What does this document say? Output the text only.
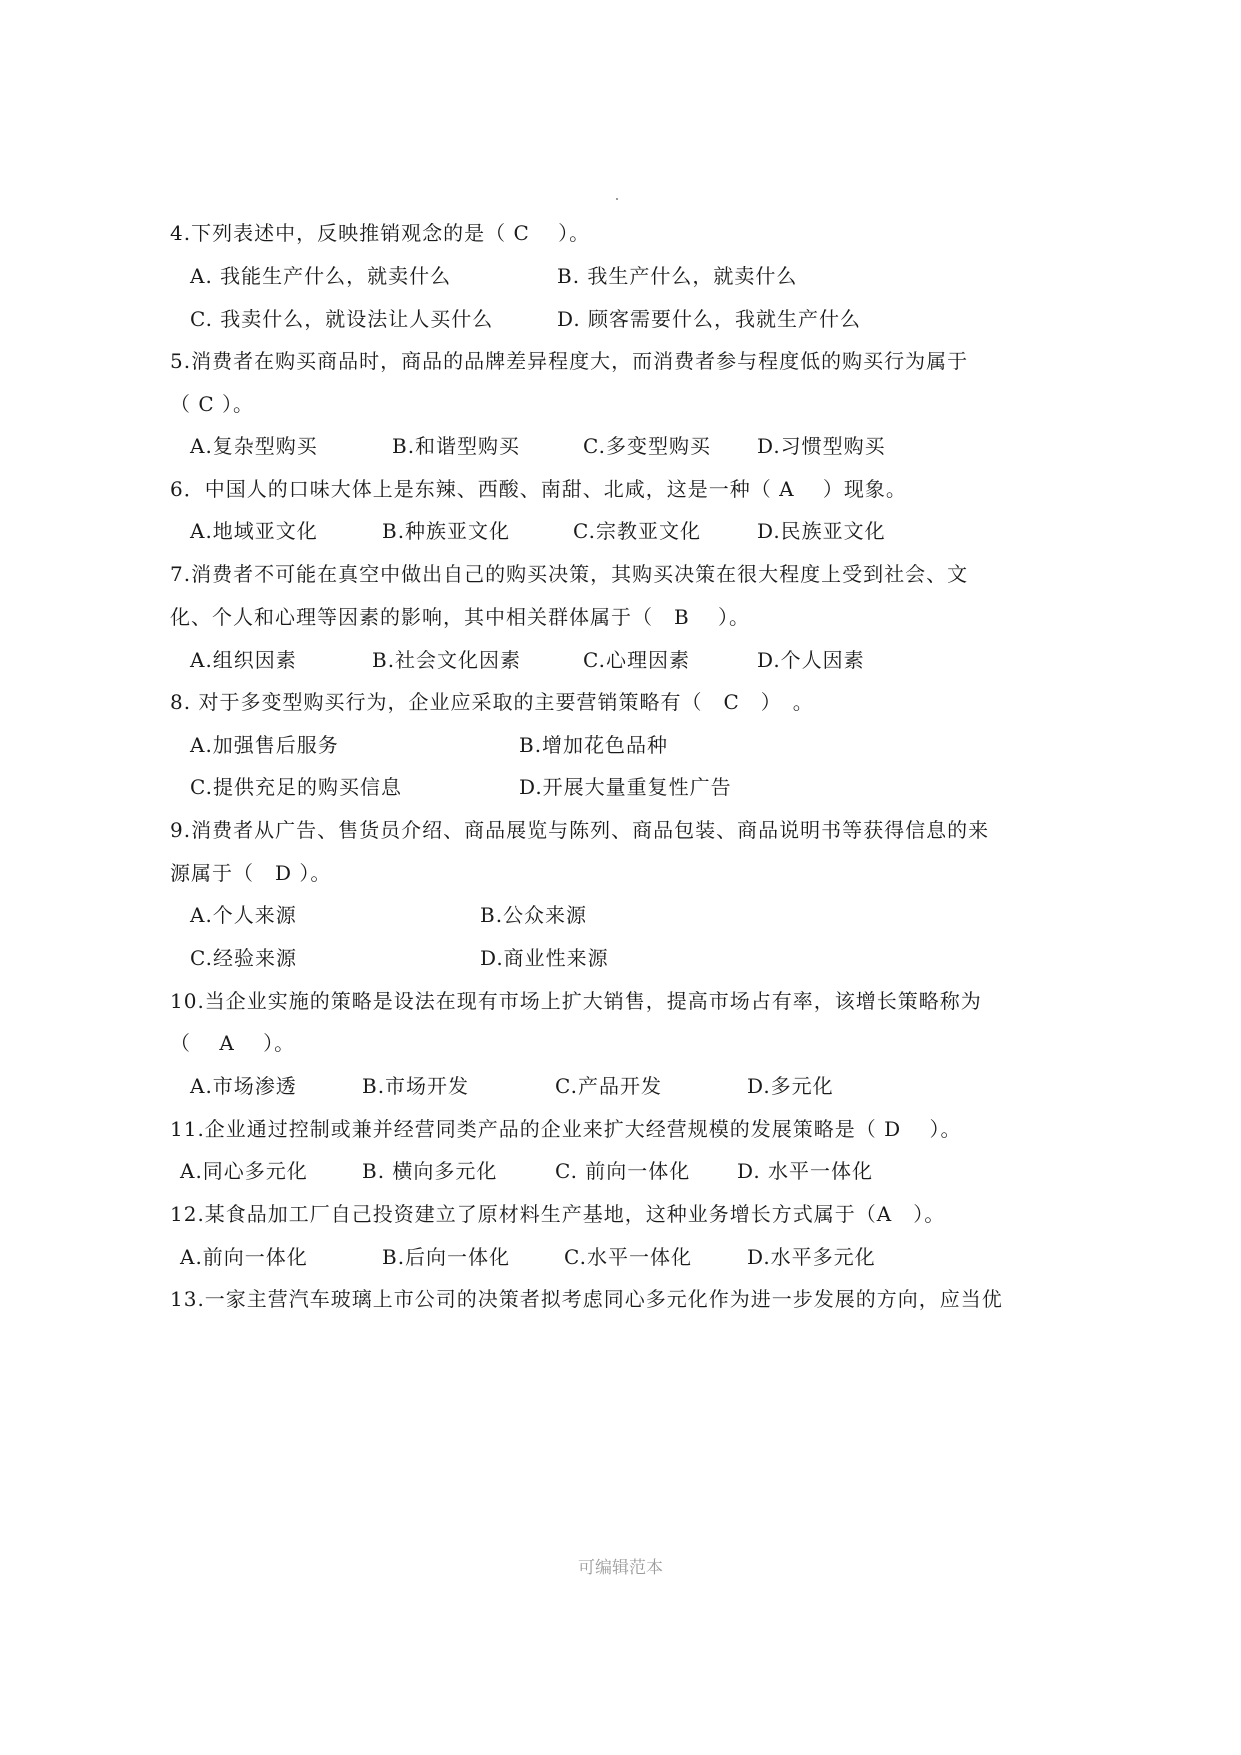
4.下列表述中，反映推销观念的是（ C　 ）。
A. 我能生产什么，就卖什么	B. 我生产什么，就卖什么
C. 我卖什么，就设法让人买什么	D. 顾客需要什么，我就生产什么
5.消费者在购买商品时，商品的品牌差异程度大，而消费者参与程度低的购买行为属于
（ C ）。
A.复杂型购买	B.和谐型购买	C.多变型购买 D.习惯型购买
6．中国人的口味大体上是东辣、西酸、南甜、北咸，这是一种（ A　 ）现象。
A.地域亚文化	B.种族亚文化	C.宗教亚文化	D.民族亚文化
7.消费者不可能在真空中做出自己的购买决策，其购买决策在很大程度上受到社会、文
化、个人和心理等因素的影响，其中相关群体属于（　B　 ）。
A.组织因素	B.社会文化因素	C.心理因素	D.个人因素
8. 对于多变型购买行为，企业应采取的主要营销策略有（　C　）　。
A.加强售后服务	B.增加花色品种
C.提供充足的购买信息	D.开展大量重复性广告
9.消费者从广告、售货员介绍、商品展览与陈列、商品包装、商品说明书等获得信息的来
源属于（　D ）。
A.个人来源	B.公众来源
C.经验来源	D.商业性来源
10.当企业实施的策略是设法在现有市场上扩大销售，提高市场占有率，该增长策略称为
（　 A　 ）。
A.市场渗透	B.市场开发	C.产品开发	D.多元化
11.企业通过控制或兼并经营同类产品的企业来扩大经营规模的发展策略是（ D　 ）。
A.同心多元化	B. 横向多元化	C. 前向一体化 D. 水平一体化
12.某食品加工厂自己投资建立了原材料生产基地，这种业务增长方式属于（A　）。
A.前向一体化	B.后向一体化	C.水平一体化	D.水平多元化
13.一家主营汽车玻璃上市公司的决策者拟考虑同心多元化作为进一步发展的方向，应当优
可编辑范本
